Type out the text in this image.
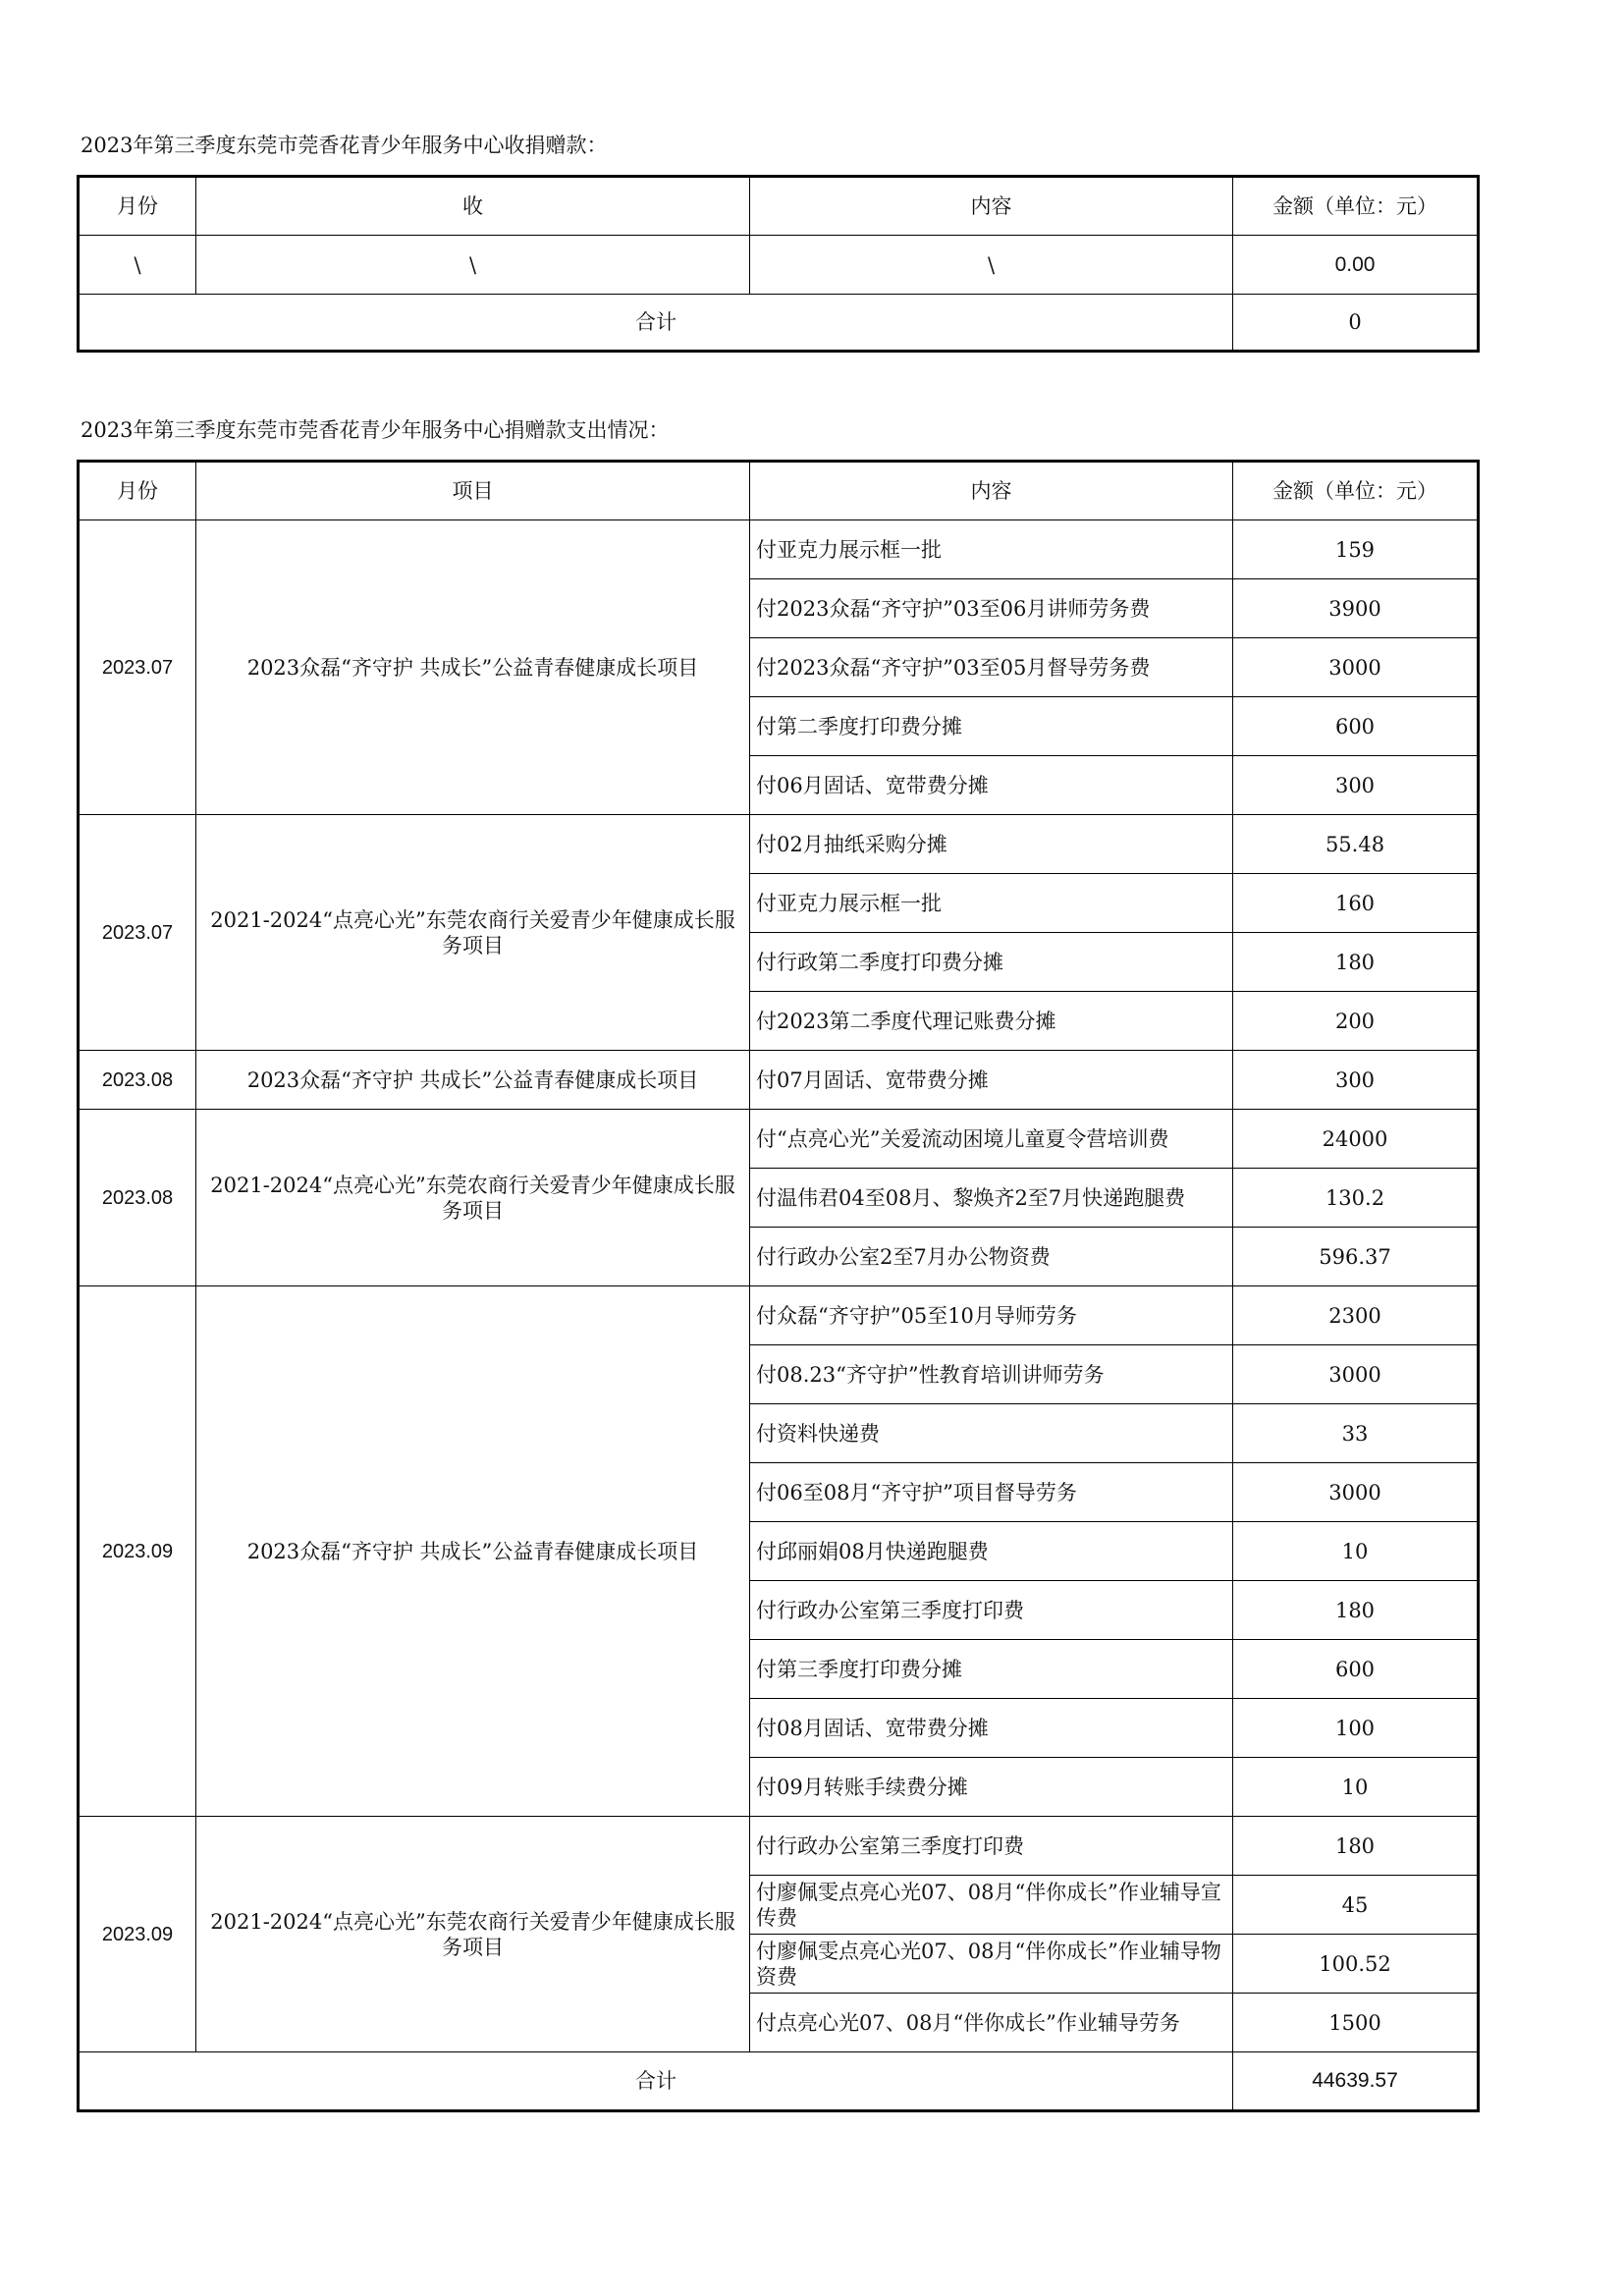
2023年第三季度东莞市莞香花青少年服务中心收捐赠款：
月份	收	内容	金额（单位：元）
\	\	\	0.00
合计			0
2023年第三季度东莞市莞香花青少年服务中心捐赠款支出情况：
月份	项目	内容	金额（单位：元）
2023.07	2023众磊“齐守护 共成长”公益青春健康成长项目	付亚克力展示框一批	159
		付2023众磊“齐守护”03至06月讲师劳务费	3900
		付2023众磊“齐守护”03至05月督导劳务费	3000
		付第二季度打印费分摊	600
		付06月固话、宽带费分摊	300
2023.07	2021-2024“点亮心光”东莞农商行关爱青少年健康成长服务项目	付02月抽纸采购分摊	55.48
		付亚克力展示框一批	160
		付行政第二季度打印费分摊	180
		付2023第二季度代理记账费分摊	200
2023.08	2023众磊“齐守护 共成长”公益青春健康成长项目	付07月固话、宽带费分摊	300
2023.08	2021-2024“点亮心光”东莞农商行关爱青少年健康成长服务项目	付“点亮心光”关爱流动困境儿童夏令营培训费	24000
		付温伟君04至08月、黎焕齐2至7月快递跑腿费	130.2
		付行政办公室2至7月办公物资费	596.37
2023.09	2023众磊“齐守护 共成长”公益青春健康成长项目	付众磊“齐守护”05至10月导师劳务	2300
		付08.23“齐守护”性教育培训讲师劳务	3000
		付资料快递费	33
		付06至08月“齐守护”项目督导劳务	3000
		付邱丽娟08月快递跑腿费	10
		付行政办公室第三季度打印费	180
		付第三季度打印费分摊	600
		付08月固话、宽带费分摊	100
		付09月转账手续费分摊	10
2023.09	2021-2024“点亮心光”东莞农商行关爱青少年健康成长服务项目	付行政办公室第三季度打印费	180
		付廖佩雯点亮心光07、08月“伴你成长”作业辅导宣传费	45
		付廖佩雯点亮心光07、08月“伴你成长”作业辅导物资费	100.52
		付点亮心光07、08月“伴你成长”作业辅导劳务	1500
合计			44639.57
